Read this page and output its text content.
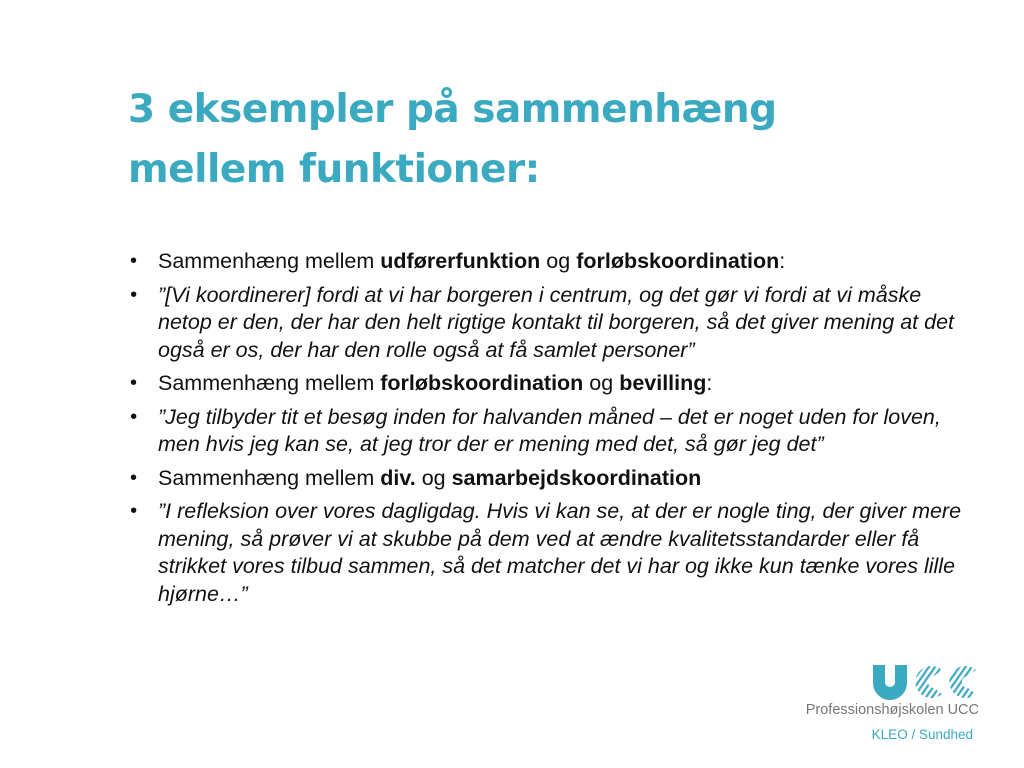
3 eksempler på sammenhæng
mellem funktioner:
• Sammenhæng mellem udførerfunktion og forløbskoordination:
• ”[Vi koordinerer] fordi at vi har borgeren i centrum, og det gør vi fordi at vi måske netop er den, der har den helt rigtige kontakt til borgeren, så det giver mening at det også er os, der har den rolle også at få samlet personer”
• Sammenhæng mellem forløbskoordination og bevilling:
• ”Jeg tilbyder tit et besøg inden for halvanden måned – det er noget uden for loven, men hvis jeg kan se, at jeg tror der er mening med det, så gør jeg det”
• Sammenhæng mellem div. og samarbejdskoordination
• ”I refleksion over vores dagligdag. Hvis vi kan se, at der er nogle ting, der giver mere mening, så prøver vi at skubbe på dem ved at ændre kvalitetsstandarder eller få strikket vores tilbud sammen, så det matcher det vi har og ikke kun tænke vores lille hjørne…”
Professionshøjskolen UCC
KLEO / Sundhed
